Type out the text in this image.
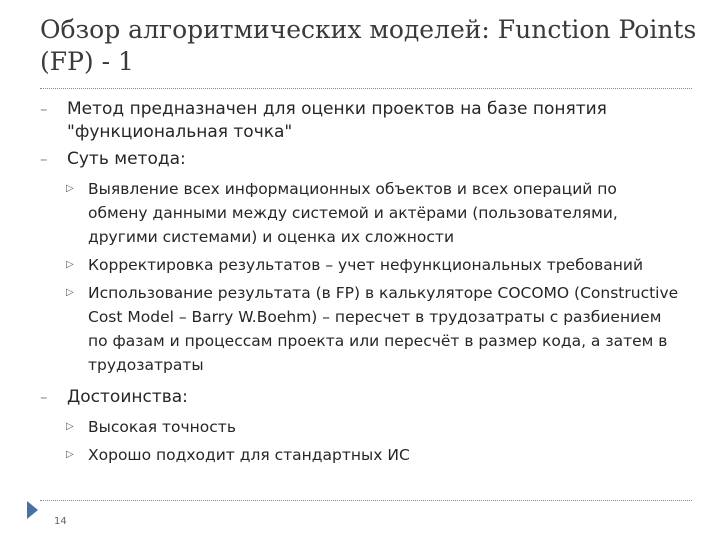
Обзор алгоритмических моделей: Function Points (FP) - 1

–	Метод предназначен для оценки проектов на базе понятия "функциональная точка"

–	Суть метода:

▷ Выявление всех информационных объектов и всех операций по обмену данными между системой и актёрами (пользователями, другими системами) и оценка их сложности

▷ Корректировка результатов – учет нефункциональных требований

▷ Использование результата (в FP) в калькуляторе COCOMO (Constructive Cost Model – Barry W.Boehm) – пересчет в трудозатраты с разбиением по фазам и процессам проекта или пересчёт в размер кода, а затем в трудозатраты

–	Достоинства:

▷ Высокая точность

▷ Хорошо подходит для стандартных ИС

14
